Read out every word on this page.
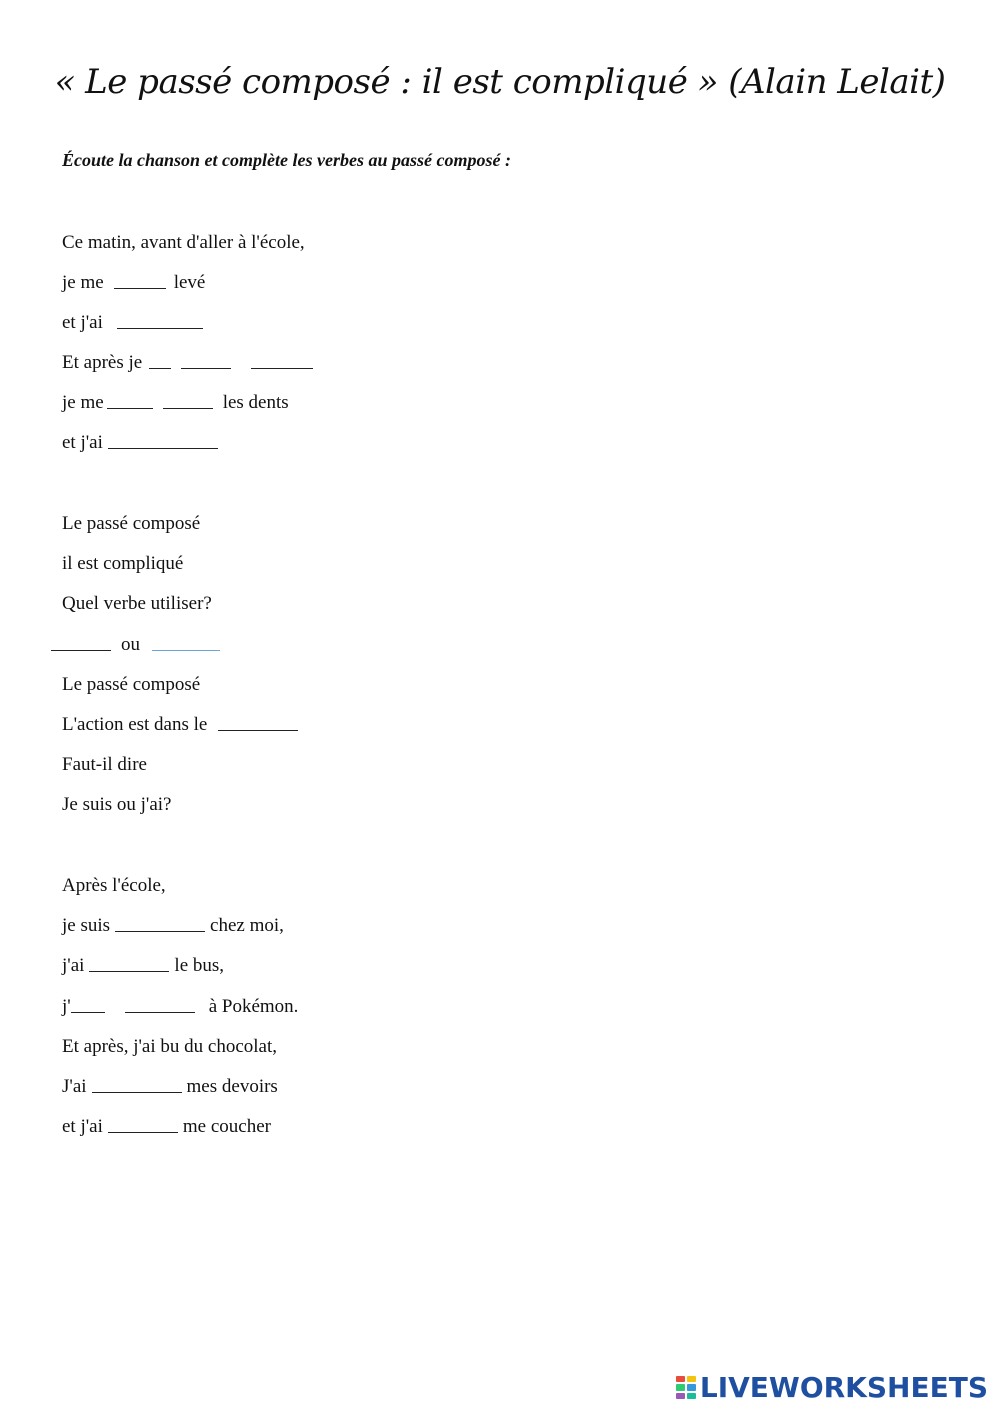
« Le passé composé : il est compliqué » (Alain Lelait)
Écoute la chanson et complète les verbes au passé composé :
Ce matin, avant d'aller à l'école,
je me	levé
et j'ai
Et après je
je me	les dents
et j'ai
Le passé composé
il est compliqué
Quel verbe utiliser?
ou
Le passé composé
L'action est dans le
Faut-il dire
Je suis ou j'ai?
Après l'école,
je suis	chez moi,
j'ai	le bus,
j'	à Pokémon.
Et après, j'ai bu du chocolat,
J'ai	mes devoirs
et j'ai	me coucher
LIVEWORKSHEETS
